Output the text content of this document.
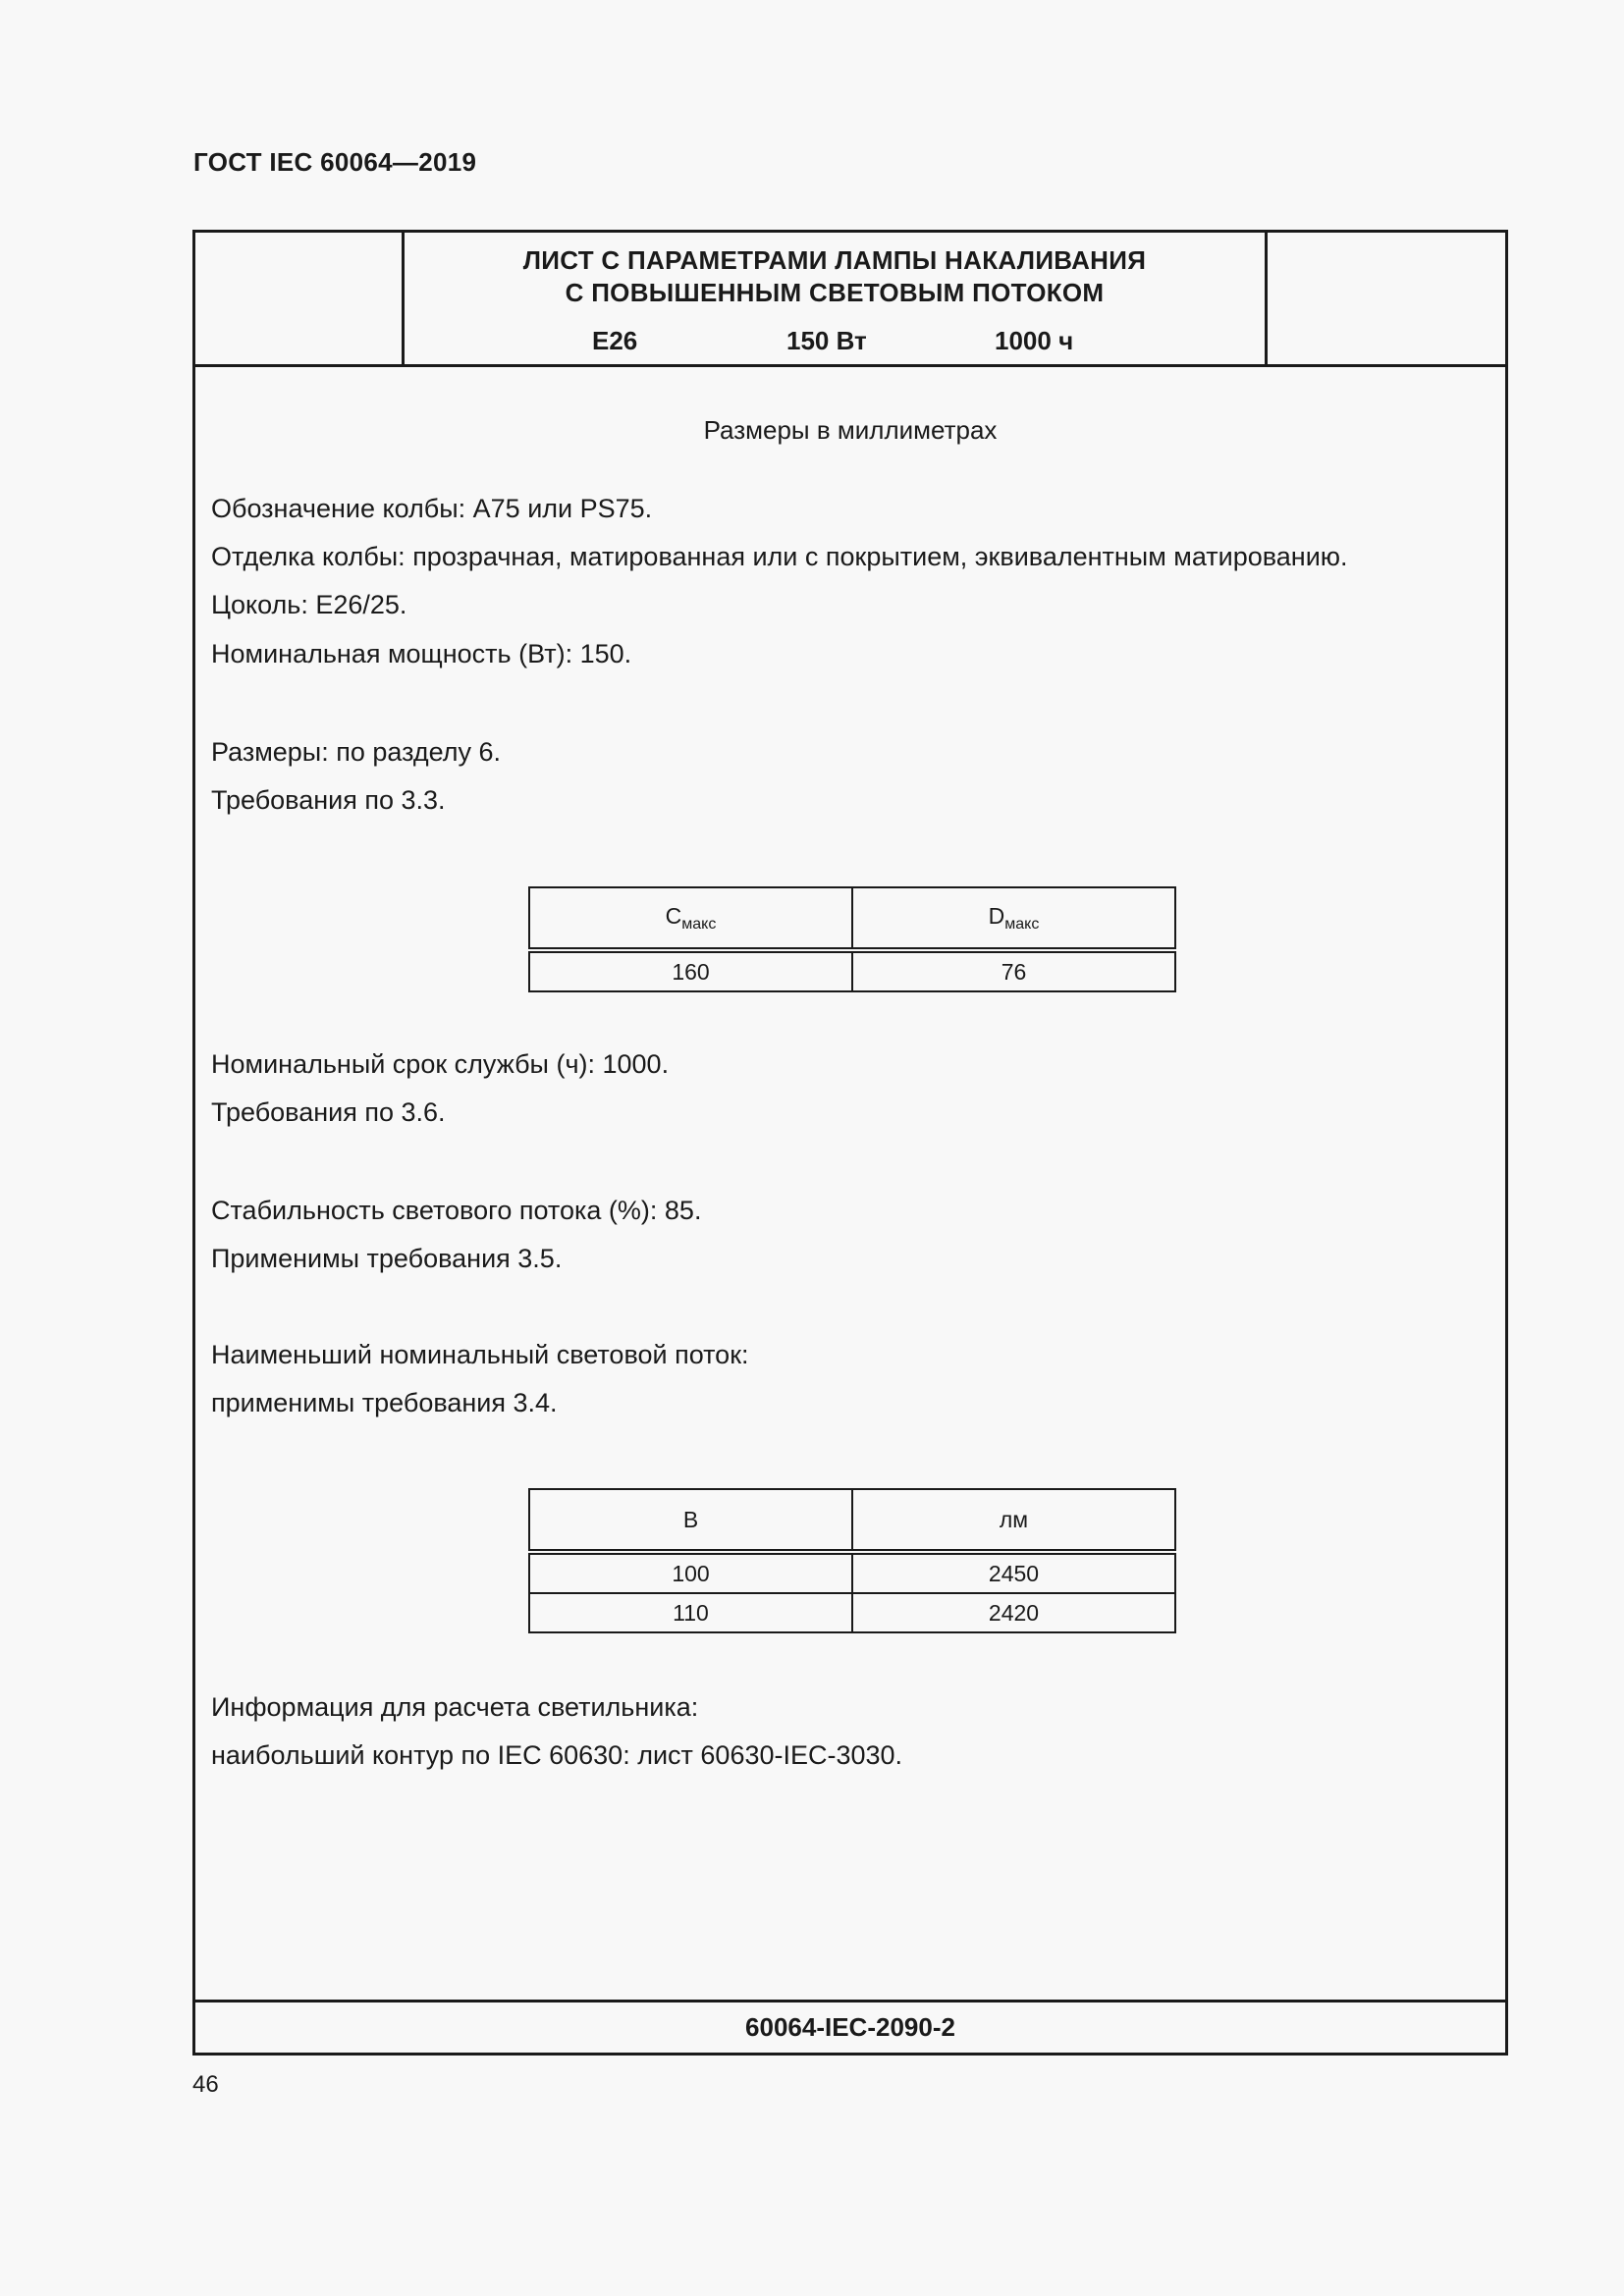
ГОСТ IEC 60064—2019
ЛИСТ С ПАРАМЕТРАМИ ЛАМПЫ НАКАЛИВАНИЯ
С ПОВЫШЕННЫМ СВЕТОВЫМ ПОТОКОМ
E26	150 Вт	1000 ч
Размеры в миллиметрах
Обозначение колбы: A75 или PS75.
Отделка колбы: прозрачная, матированная или с покрытием, эквивалентным матированию.
Цоколь: E26/25.
Номинальная мощность (Вт): 150.
Размеры: по разделу 6.
Требования по 3.3.
$C_{макс}$	$D_{макс}$
160	76
Номинальный срок службы (ч): 1000.
Требования по 3.6.
Стабильность светового потока (%): 85.
Применимы требования 3.5.
Наименьший номинальный световой поток:
применимы требования 3.4.
В	лм
100	2450
110	2420
Информация для расчета светильника:
наибольший контур по IEC 60630: лист 60630-IEC-3030.
60064-IEC-2090-2
46
